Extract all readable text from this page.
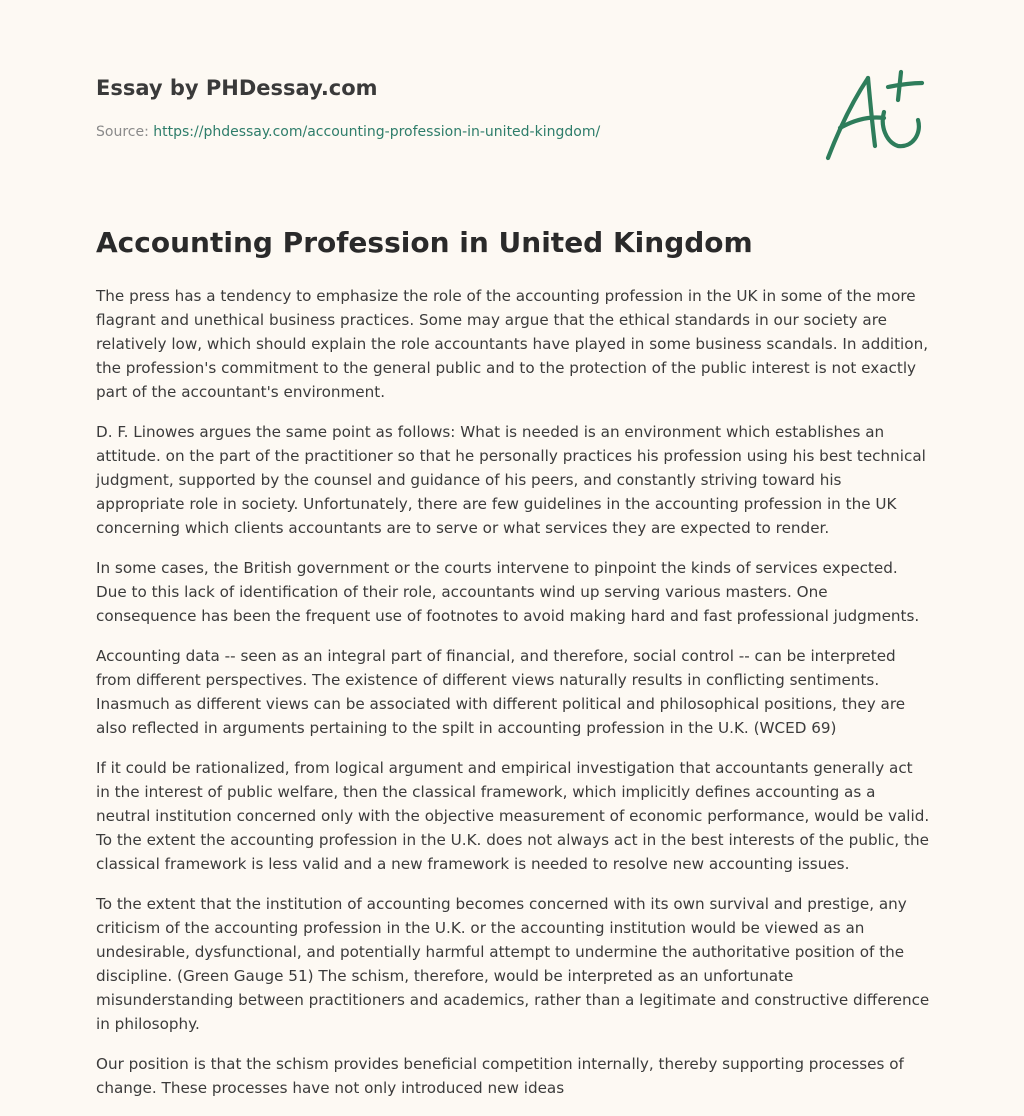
Essay by PHDessay.com
Source: https://phdessay.com/accounting-profession-in-united-kingdom/
Accounting Profession in United Kingdom

The press has a tendency to emphasize the role of the accounting profession in the UK in some of the more flagrant and unethical business practices. Some may argue that the ethical standards in our society are relatively low, which should explain the role accountants have played in some business scandals. In addition, the profession's commitment to the general public and to the protection of the public interest is not exactly part of the accountant's environment.

D. F. Linowes argues the same point as follows: What is needed is an environment which establishes an attitude. on the part of the practitioner so that he personally practices his profession using his best technical judgment, supported by the counsel and guidance of his peers, and constantly striving toward his appropriate role in society. Unfortunately, there are few guidelines in the accounting profession in the UK concerning which clients accountants are to serve or what services they are expected to render.

In some cases, the British government or the courts intervene to pinpoint the kinds of services expected. Due to this lack of identification of their role, accountants wind up serving various masters. One consequence has been the frequent use of footnotes to avoid making hard and fast professional judgments.

Accounting data -- seen as an integral part of financial, and therefore, social control -- can be interpreted from different perspectives. The existence of different views naturally results in conflicting sentiments. Inasmuch as different views can be associated with different political and philosophical positions, they are also reflected in arguments pertaining to the spilt in accounting profession in the U.K. (WCED 69)

If it could be rationalized, from logical argument and empirical investigation that accountants generally act in the interest of public welfare, then the classical framework, which implicitly defines accounting as a neutral institution concerned only with the objective measurement of economic performance, would be valid. To the extent the accounting profession in the U.K. does not always act in the best interests of the public, the classical framework is less valid and a new framework is needed to resolve new accounting issues.

To the extent that the institution of accounting becomes concerned with its own survival and prestige, any criticism of the accounting profession in the U.K. or the accounting institution would be viewed as an undesirable, dysfunctional, and potentially harmful attempt to undermine the authoritative position of the discipline. (Green Gauge 51) The schism, therefore, would be interpreted as an unfortunate misunderstanding between practitioners and academics, rather than a legitimate and constructive difference in philosophy.

Our position is that the schism provides beneficial competition internally, thereby supporting processes of change. These processes have not only introduced new ideas
